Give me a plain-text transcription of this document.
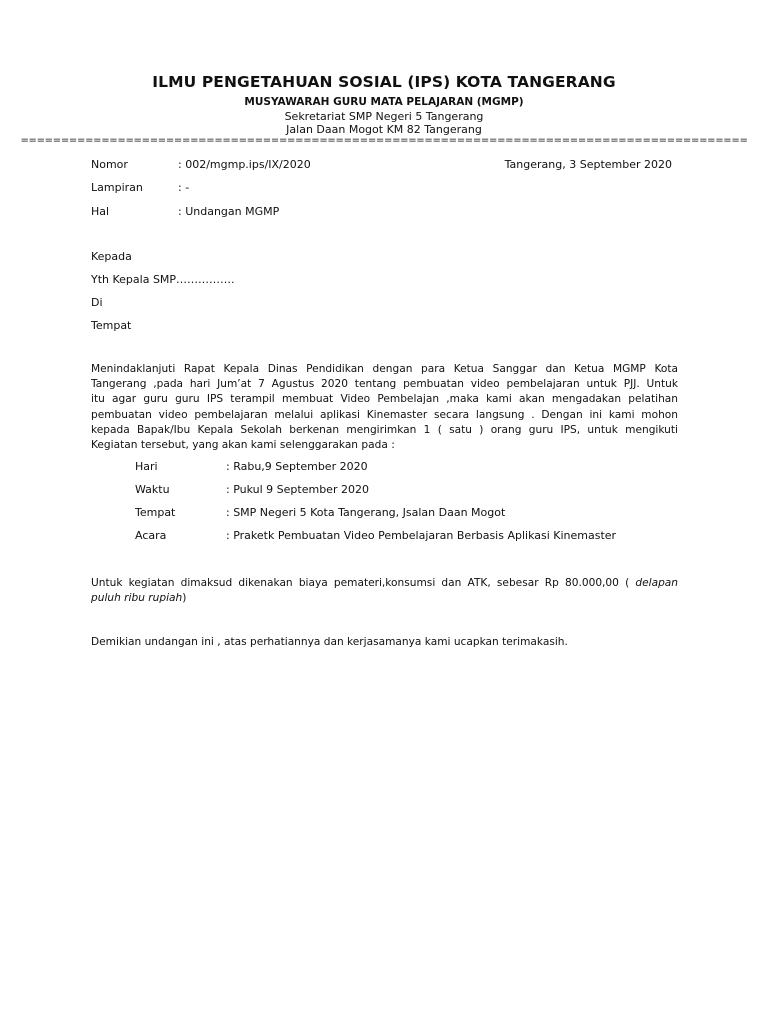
ILMU PENGETAHUAN SOSIAL (IPS) KOTA TANGERANG
MUSYAWARAH GURU MATA PELAJARAN (MGMP)
Sekretariat SMP Negeri 5 Tangerang
Jalan Daan Mogot KM 82 Tangerang
==========================================================================================
Nomor	: 002/mgmp.ips/IX/2020	Tangerang, 3 September 2020
Lampiran	: -
Hal	: Undangan MGMP
Kepada
Yth Kepala SMP…………….
Di
Tempat
Menindaklanjuti Rapat Kepala Dinas Pendidikan dengan para Ketua Sanggar dan Ketua MGMP Kota
Tangerang ,pada hari Jum’at 7 Agustus 2020 tentang pembuatan video pembelajaran untuk PJJ. Untuk
itu agar guru guru IPS terampil membuat Video Pembelajan ,maka kami akan mengadakan pelatihan
pembuatan video pembelajaran melalui aplikasi Kinemaster secara langsung . Dengan ini kami mohon
kepada Bapak/Ibu Kepala Sekolah berkenan mengirimkan 1 ( satu ) orang guru IPS, untuk mengikuti
Kegiatan tersebut, yang akan kami selenggarakan pada :
Hari	: Rabu,9 September 2020
Waktu	: Pukul 9 September 2020
Tempat	: SMP Negeri 5 Kota Tangerang, Jsalan Daan Mogot
Acara	: Praketk Pembuatan Video Pembelajaran Berbasis Aplikasi Kinemaster
Untuk kegiatan dimaksud dikenakan biaya pemateri,konsumsi dan ATK, sebesar Rp 80.000,00 ( delapan
puluh ribu rupiah)
Demikian undangan ini , atas perhatiannya dan kerjasamanya kami ucapkan terimakasih.
